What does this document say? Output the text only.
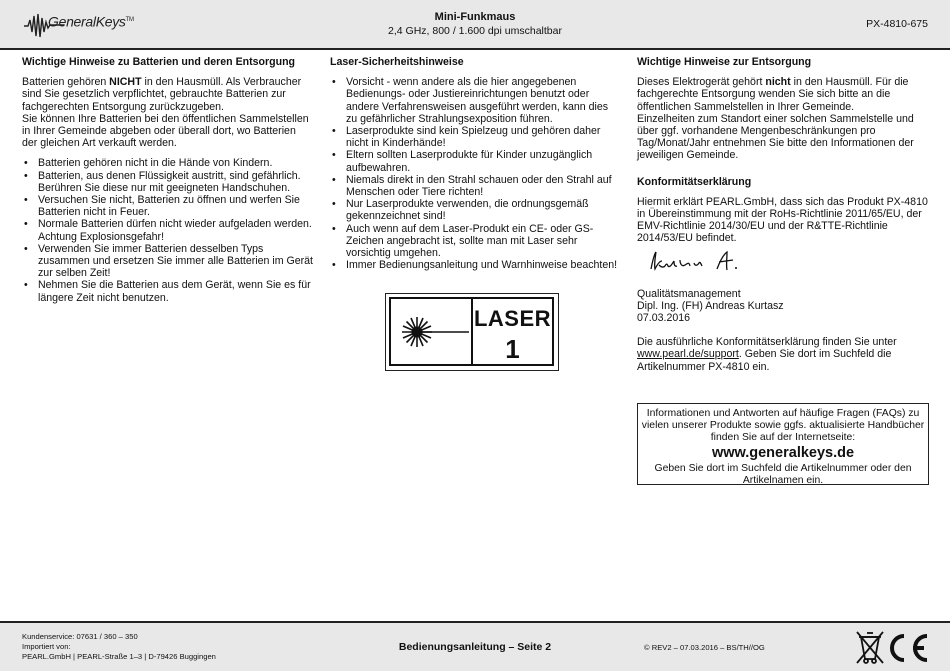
GeneralKeys™	Mini-Funkmaus
2,4 GHz, 800 / 1.600 dpi umschaltbar
PX-4810-675
Wichtige Hinweise zu Batterien und deren Entsorgung
Batterien gehören NICHT in den Hausmüll. Als Verbraucher sind Sie gesetzlich verpflichtet, gebrauchte Batterien zur fachgerechten Entsorgung zurückzugeben.
Sie können Ihre Batterien bei den öffentlichen Sammelstellen in Ihrer Gemeinde abgeben oder überall dort, wo Batterien der gleichen Art verkauft werden.
• Batterien gehören nicht in die Hände von Kindern.
• Batterien, aus denen Flüssigkeit austritt, sind gefährlich. Berühren Sie diese nur mit geeigneten Handschuhen.
• Versuchen Sie nicht, Batterien zu öffnen und werfen Sie Batterien nicht in Feuer.
• Normale Batterien dürfen nicht wieder aufgeladen werden. Achtung Explosionsgefahr!
• Verwenden Sie immer Batterien desselben Typs zusammen und ersetzen Sie immer alle Batterien im Gerät zur selben Zeit!
• Nehmen Sie die Batterien aus dem Gerät, wenn Sie es für längere Zeit nicht benutzen.
Laser-Sicherheitshinweise
• Vorsicht - wenn andere als die hier angegebenen Bedienungs- oder Justiereinrichtungen benutzt oder andere Verfahrensweisen ausgeführt werden, kann dies zu gefährlicher Strahlungsexposition führen.
• Laserprodukte sind kein Spielzeug und gehören daher nicht in Kinderhände!
• Eltern sollten Laserprodukte für Kinder unzugänglich aufbewahren.
• Niemals direkt in den Strahl schauen oder den Strahl auf Menschen oder Tiere richten!
• Nur Laserprodukte verwenden, die ordnungsgemäß gekennzeichnet sind!
• Auch wenn auf dem Laser-Produkt ein CE- oder GS-Zeichen angebracht ist, sollte man mit Laser sehr vorsichtig umgehen.
• Immer Bedienungsanleitung und Warnhinweise beachten!
LASER
1
Wichtige Hinweise zur Entsorgung
Dieses Elektrogerät gehört nicht in den Hausmüll. Für die fachgerechte Entsorgung wenden Sie sich bitte an die öffentlichen Sammelstellen in Ihrer Gemeinde.
Einzelheiten zum Standort einer solchen Sammelstelle und über ggf. vorhandene Mengenbeschränkungen pro Tag/Monat/Jahr entnehmen Sie bitte den Informationen der jeweiligen Gemeinde.
Konformitätserklärung
Hiermit erklärt PEARL.GmbH, dass sich das Produkt PX-4810 in Übereinstimmung mit der RoHs-Richtlinie 2011/65/EU, der EMV-Richtlinie 2014/30/EU und der R&TTE-Richtlinie 2014/53/EU befindet.
Qualitätsmanagement
Dipl. Ing. (FH) Andreas Kurtasz
07.03.2016
Die ausführliche Konformitätserklärung finden Sie unter www.pearl.de/support. Geben Sie dort im Suchfeld die Artikelnummer PX-4810 ein.
Informationen und Antworten auf häufige Fragen (FAQs) zu vielen unserer Produkte sowie ggfs. aktualisierte Handbücher finden Sie auf der Internetseite:
www.generalkeys.de
Geben Sie dort im Suchfeld die Artikelnummer oder den Artikelnamen ein.
Kundenservice: 07631 / 360 – 350
Importiert von:
PEARL.GmbH | PEARL-Straße 1–3 | D-79426 Buggingen
Bedienungsanleitung – Seite 2	© REV2 – 07.03.2016 – BS/TH//OG
